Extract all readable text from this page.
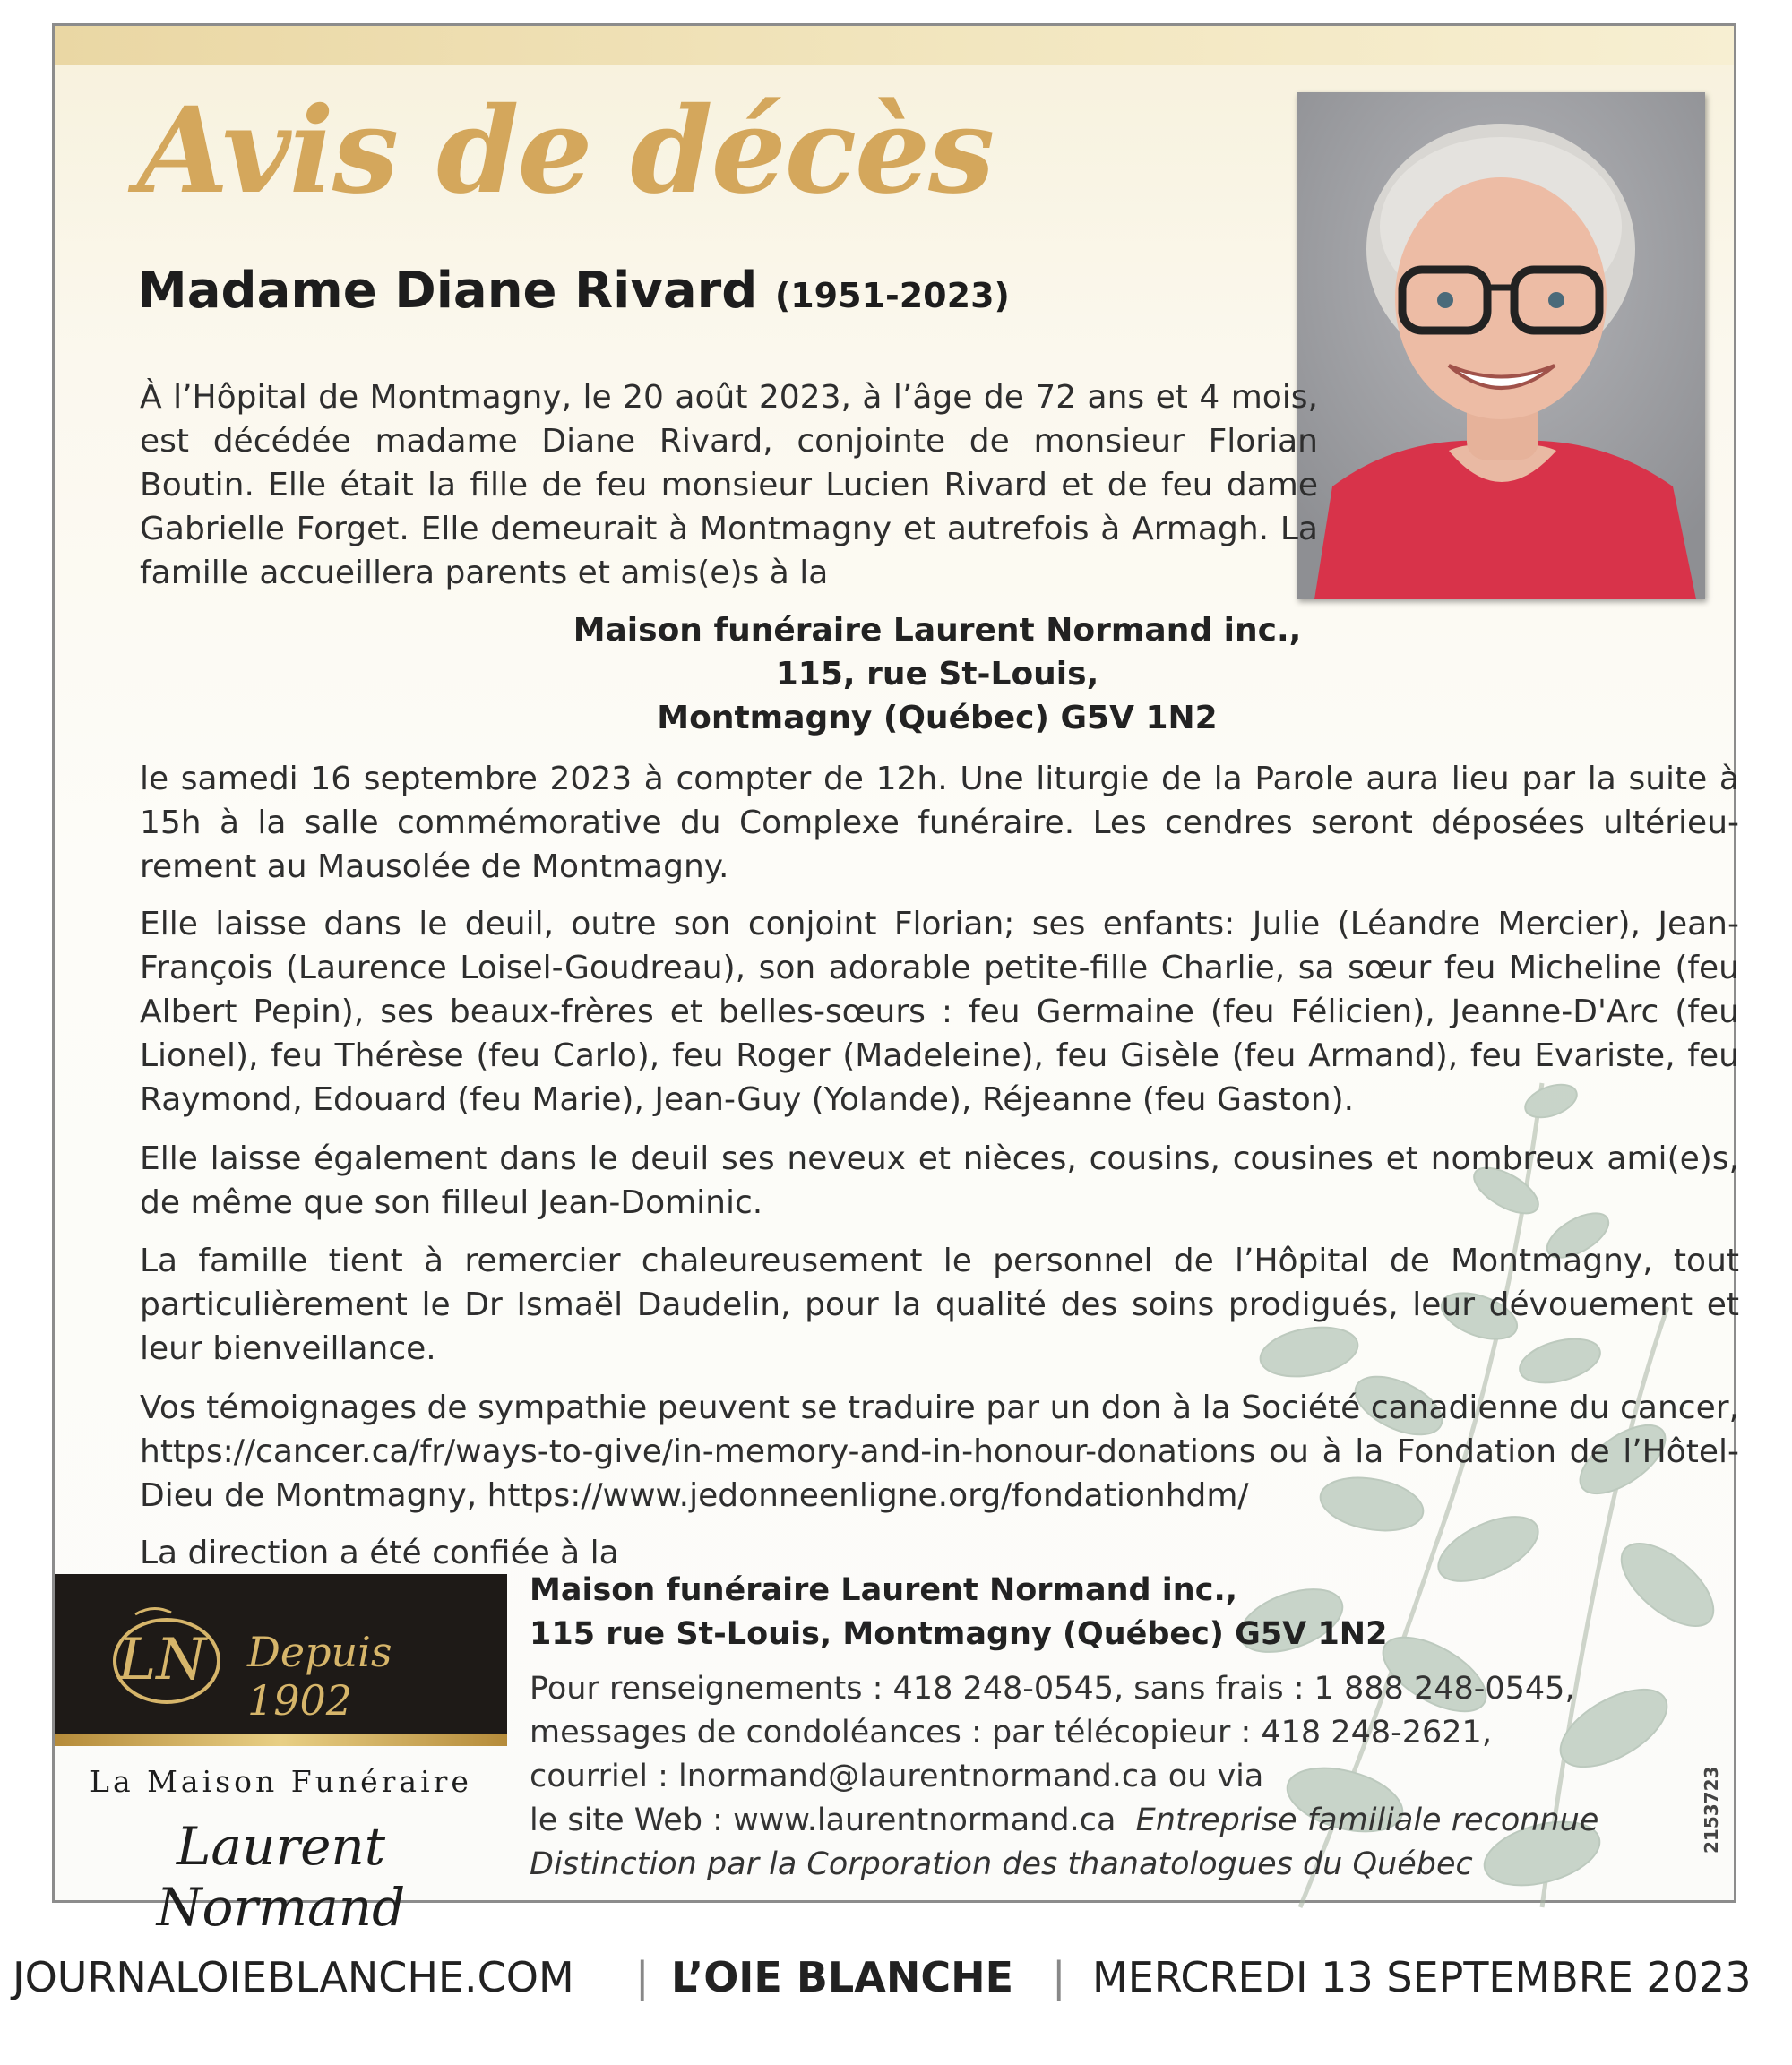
Avis de décès
Madame Diane Rivard (1951-2023)

À l’Hôpital de Montmagny, le 20 août 2023, à l’âge de 72 ans et 4 mois, est décédée madame Diane Rivard, conjointe de monsieur Florian Boutin. Elle était la fille de feu monsieur Lucien Rivard et de feu dame Gabrielle Forget. Elle demeurait à Montmagny et autrefois à Armagh. La famille accueillera parents et amis(e)s à la

Maison funéraire Laurent Normand inc.,
115, rue St-Louis,
Montmagny (Québec) G5V 1N2

le samedi 16 septembre 2023 à compter de 12h. Une liturgie de la Parole aura lieu par la suite à 15h à la salle commémorative du Complexe funéraire. Les cendres seront déposées ultérieu-rement au Mausolée de Montmagny.

Elle laisse dans le deuil, outre son conjoint Florian; ses enfants: Julie (Léandre Mercier), Jean-François (Laurence Loisel-Goudreau), son adorable petite-fille Charlie, sa sœur feu Micheline (feu Albert Pepin), ses beaux-frères et belles-sœurs : feu Germaine (feu Félicien), Jeanne-D'Arc (feu Lionel), feu Thérèse (feu Carlo), feu Roger (Madeleine), feu Gisèle (feu Armand), feu Evariste, feu Raymond, Edouard (feu Marie), Jean-Guy (Yolande), Réjeanne (feu Gaston).

Elle laisse également dans le deuil ses neveux et nièces, cousins, cousines et nombreux ami(e)s, de même que son filleul Jean-Dominic.

La famille tient à remercier chaleureusement le personnel de l’Hôpital de Montmagny, tout particulièrement le Dr Ismaël Daudelin, pour la qualité des soins prodigués, leur dévouement et leur bienveillance.

Vos témoignages de sympathie peuvent se traduire par un don à la Société canadienne du cancer, https://cancer.ca/fr/ways-to-give/in-memory-and-in-honour-donations ou à la Fondation de l’Hôtel-Dieu de Montmagny, https://www.jedonneenligne.org/fondationhdm/

La direction a été confiée à la

LN Depuis 1902

La Maison Funéraire

Laurent Normand

Maison funéraire Laurent Normand inc.,
115 rue St-Louis, Montmagny (Québec) G5V 1N2

Pour renseignements : 418 248-0545, sans frais : 1 888 248-0545,
messages de condoléances : par télécopieur : 418 248-2621,
courriel : lnormand@laurentnormand.ca ou via
le site Web : www.laurentnormand.ca Entreprise familiale reconnue
Distinction par la Corporation des thanatologues du Québec

2153723

JOURNALOIEBLANCHE.COM | L’OIE BLANCHE | MERCREDI 13 SEPTEMBRE 2023
